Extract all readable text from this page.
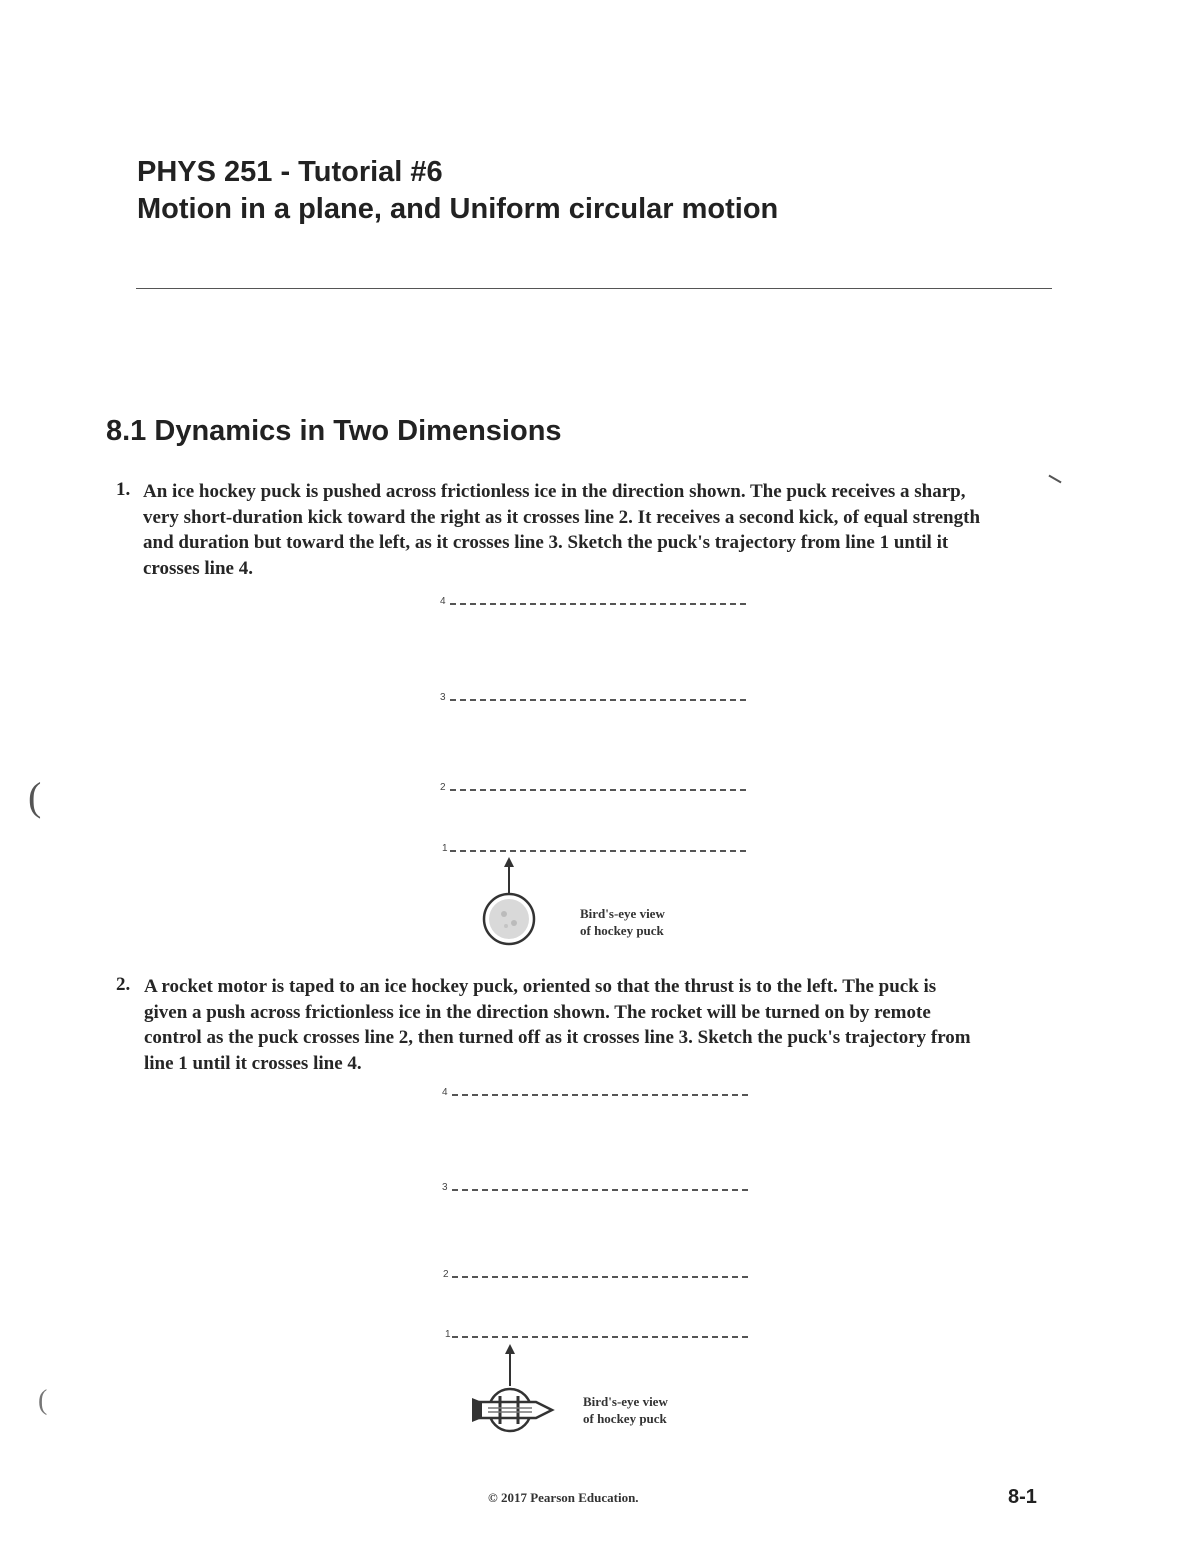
PHYS 251 - Tutorial #6
Motion in a plane, and Uniform circular motion
8.1 Dynamics in Two Dimensions
1. An ice hockey puck is pushed across frictionless ice in the direction shown. The puck receives a sharp,
very short-duration kick toward the right as it crosses line 2. It receives a second kick, of equal strength
and duration but toward the left, as it crosses line 3. Sketch the puck's trajectory from line 1 until it
crosses line 4.
4
3
2
1
Bird's-eye view
of hockey puck
2. A rocket motor is taped to an ice hockey puck, oriented so that the thrust is to the left. The puck is
given a push across frictionless ice in the direction shown. The rocket will be turned on by remote
control as the puck crosses line 2, then turned off as it crosses line 3. Sketch the puck's trajectory from
line 1 until it crosses line 4.
4
3
2
1
Bird's-eye view
of hockey puck
(
(
© 2017 Pearson Education.	8-1
